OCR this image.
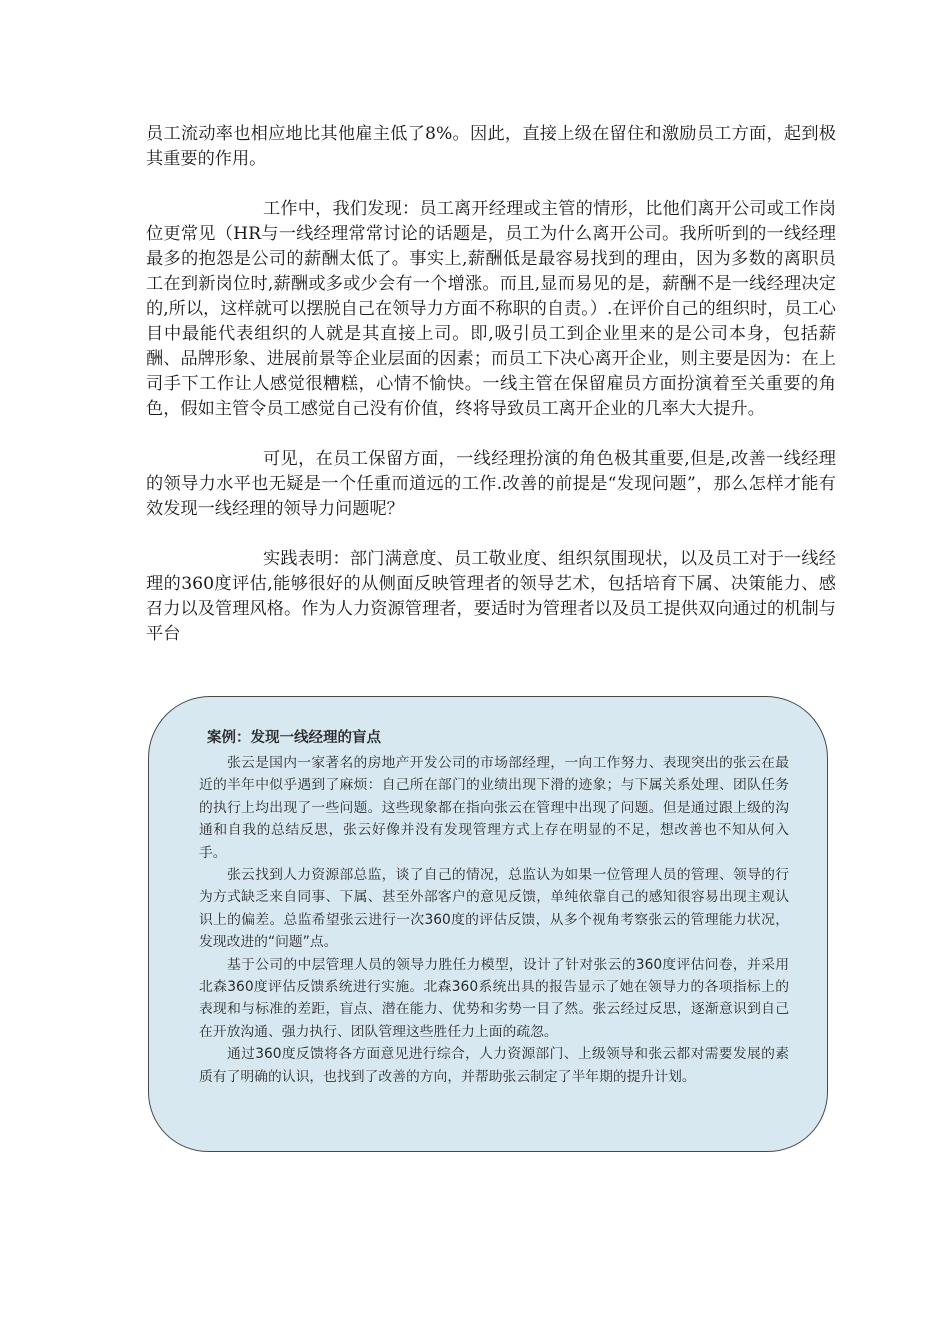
员工流动率也相应地比其他雇主低了8%。因此，直接上级在留住和激励员工方面，起到极其重要的作用。

工作中，我们发现：员工离开经理或主管的情形，比他们离开公司或工作岗位更常见（HR与一线经理常常讨论的话题是，员工为什么离开公司。我所听到的一线经理最多的抱怨是公司的薪酬太低了。事实上,薪酬低是最容易找到的理由，因为多数的离职员工在到新岗位时,薪酬或多或少会有一个增涨。而且,显而易见的是，薪酬不是一线经理决定的,所以，这样就可以摆脱自己在领导力方面不称职的自责。）.在评价自己的组织时，员工心目中最能代表组织的人就是其直接上司。即,吸引员工到企业里来的是公司本身，包括薪酬、品牌形象、进展前景等企业层面的因素；而员工下决心离开企业，则主要是因为：在上司手下工作让人感觉很糟糕，心情不愉快。一线主管在保留雇员方面扮演着至关重要的角色，假如主管令员工感觉自己没有价值，终将导致员工离开企业的几率大大提升。

可见，在员工保留方面，一线经理扮演的角色极其重要,但是,改善一线经理的领导力水平也无疑是一个任重而道远的工作.改善的前提是“发现问题”，那么怎样才能有效发现一线经理的领导力问题呢？

实践表明：部门满意度、员工敬业度、组织氛围现状，以及员工对于一线经理的360度评估,能够很好的从侧面反映管理者的领导艺术，包括培育下属、决策能力、感召力以及管理风格。作为人力资源管理者，要适时为管理者以及员工提供双向通过的机制与平台

案例：发现一线经理的盲点

张云是国内一家著名的房地产开发公司的市场部经理，一向工作努力、表现突出的张云在最近的半年中似乎遇到了麻烦：自己所在部门的业绩出现下滑的迹象；与下属关系处理、团队任务的执行上均出现了一些问题。这些现象都在指向张云在管理中出现了问题。但是通过跟上级的沟通和自我的总结反思，张云好像并没有发现管理方式上存在明显的不足，想改善也不知从何入手。

张云找到人力资源部总监，谈了自己的情况，总监认为如果一位管理人员的管理、领导的行为方式缺乏来自同事、下属、甚至外部客户的意见反馈，单纯依靠自己的感知很容易出现主观认识上的偏差。总监希望张云进行一次360度的评估反馈，从多个视角考察张云的管理能力状况，发现改进的“问题”点。

基于公司的中层管理人员的领导力胜任力模型，设计了针对张云的360度评估问卷，并采用北森360度评估反馈系统进行实施。北森360系统出具的报告显示了她在领导力的各项指标上的表现和与标准的差距，盲点、潜在能力、优势和劣势一目了然。张云经过反思，逐渐意识到自己在开放沟通、强力执行、团队管理这些胜任力上面的疏忽。

通过360度反馈将各方面意见进行综合，人力资源部门、上级领导和张云都对需要发展的素质有了明确的认识，也找到了改善的方向，并帮助张云制定了半年期的提升计划。
